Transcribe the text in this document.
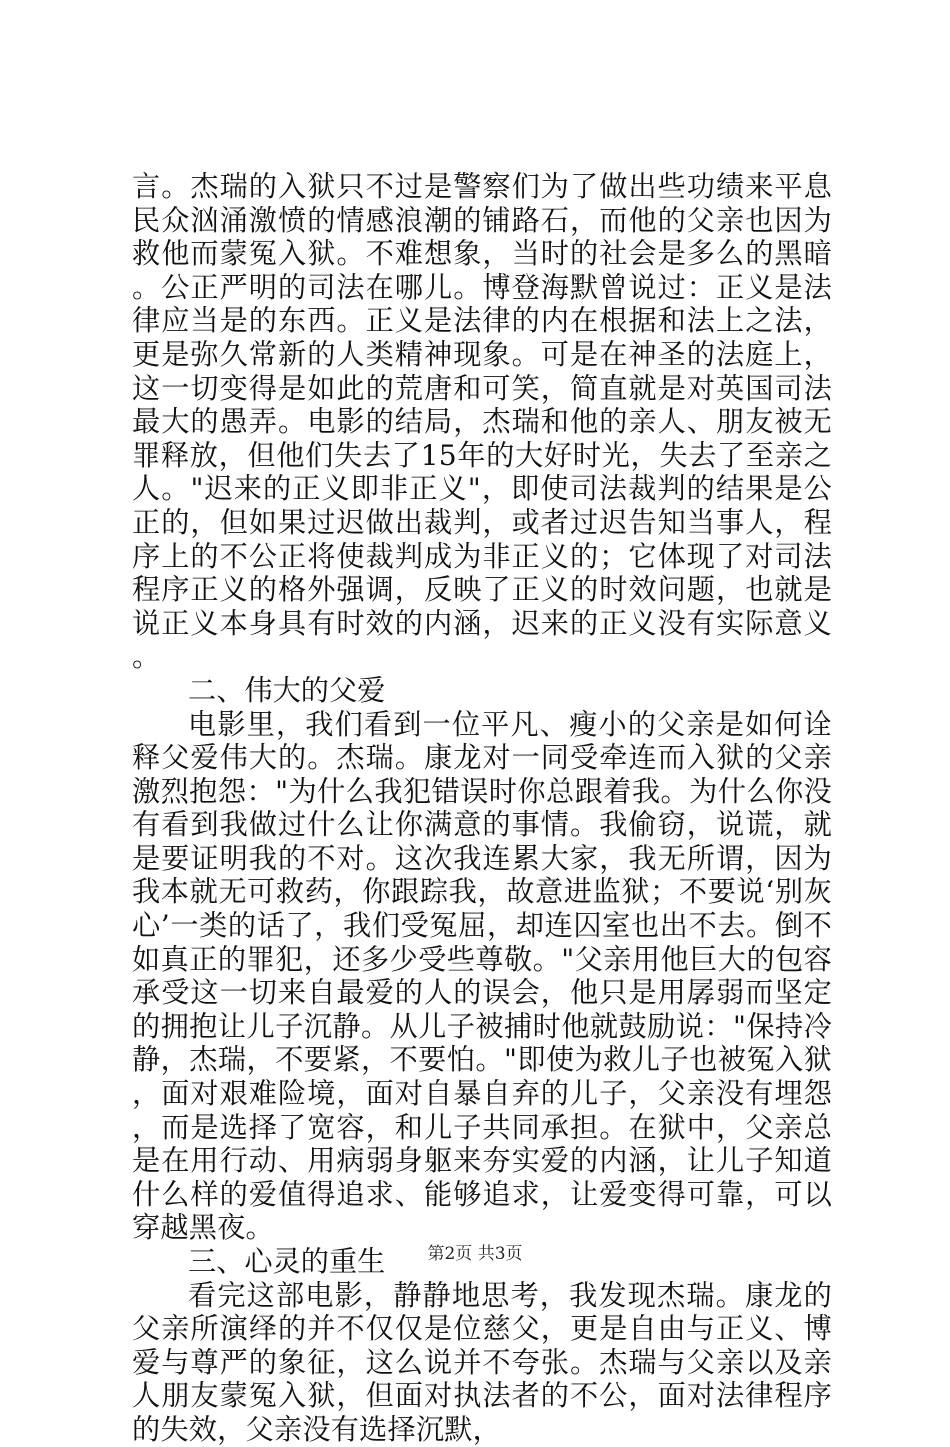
言。杰瑞的入狱只不过是警察们为了做出些功绩来平息民众汹涌激愤的情感浪潮的铺路石，而他的父亲也因为救他而蒙冤入狱。不难想象，当时的社会是多么的黑暗。公正严明的司法在哪儿。博登海默曾说过：正义是法律应当是的东西。正义是法律的内在根据和法上之法，更是弥久常新的人类精神现象。可是在神圣的法庭上，这一切变得是如此的荒唐和可笑，简直就是对英国司法最大的愚弄。电影的结局，杰瑞和他的亲人、朋友被无罪释放，但他们失去了15年的大好时光，失去了至亲之人。"迟来的正义即非正义"，即使司法裁判的结果是公正的，但如果过迟做出裁判，或者过迟告知当事人，程序上的不公正将使裁判成为非正义的；它体现了对司法程序正义的格外强调，反映了正义的时效问题，也就是说正义本身具有时效的内涵，迟来的正义没有实际意义。

二、伟大的父爱

电影里，我们看到一位平凡、瘦小的父亲是如何诠释父爱伟大的。杰瑞。康龙对一同受牵连而入狱的父亲激烈抱怨："为什么我犯错误时你总跟着我。为什么你没有看到我做过什么让你满意的事情。我偷窃，说谎，就是要证明我的不对。这次我连累大家，我无所谓，因为我本就无可救药，你跟踪我，故意进监狱；不要说‘别灰心’一类的话了，我们受冤屈，却连囚室也出不去。倒不如真正的罪犯，还多少受些尊敬。"父亲用他巨大的包容承受这一切来自最爱的人的误会，他只是用孱弱而坚定的拥抱让儿子沉静。从儿子被捕时他就鼓励说："保持冷静，杰瑞，不要紧，不要怕。"即使为救儿子也被冤入狱，面对艰难险境，面对自暴自弃的儿子，父亲没有埋怨，而是选择了宽容，和儿子共同承担。在狱中，父亲总是在用行动、用病弱身躯来夯实爱的内涵，让儿子知道什么样的爱值得追求、能够追求，让爱变得可靠，可以穿越黑夜。

三、心灵的重生

看完这部电影，静静地思考，我发现杰瑞。康龙的父亲所演绎的并不仅仅是位慈父，更是自由与正义、博爱与尊严的象征，这么说并不夸张。杰瑞与父亲以及亲人朋友蒙冤入狱，但面对执法者的不公，面对法律程序的失效，父亲没有选择沉默，

第2页 共3页
